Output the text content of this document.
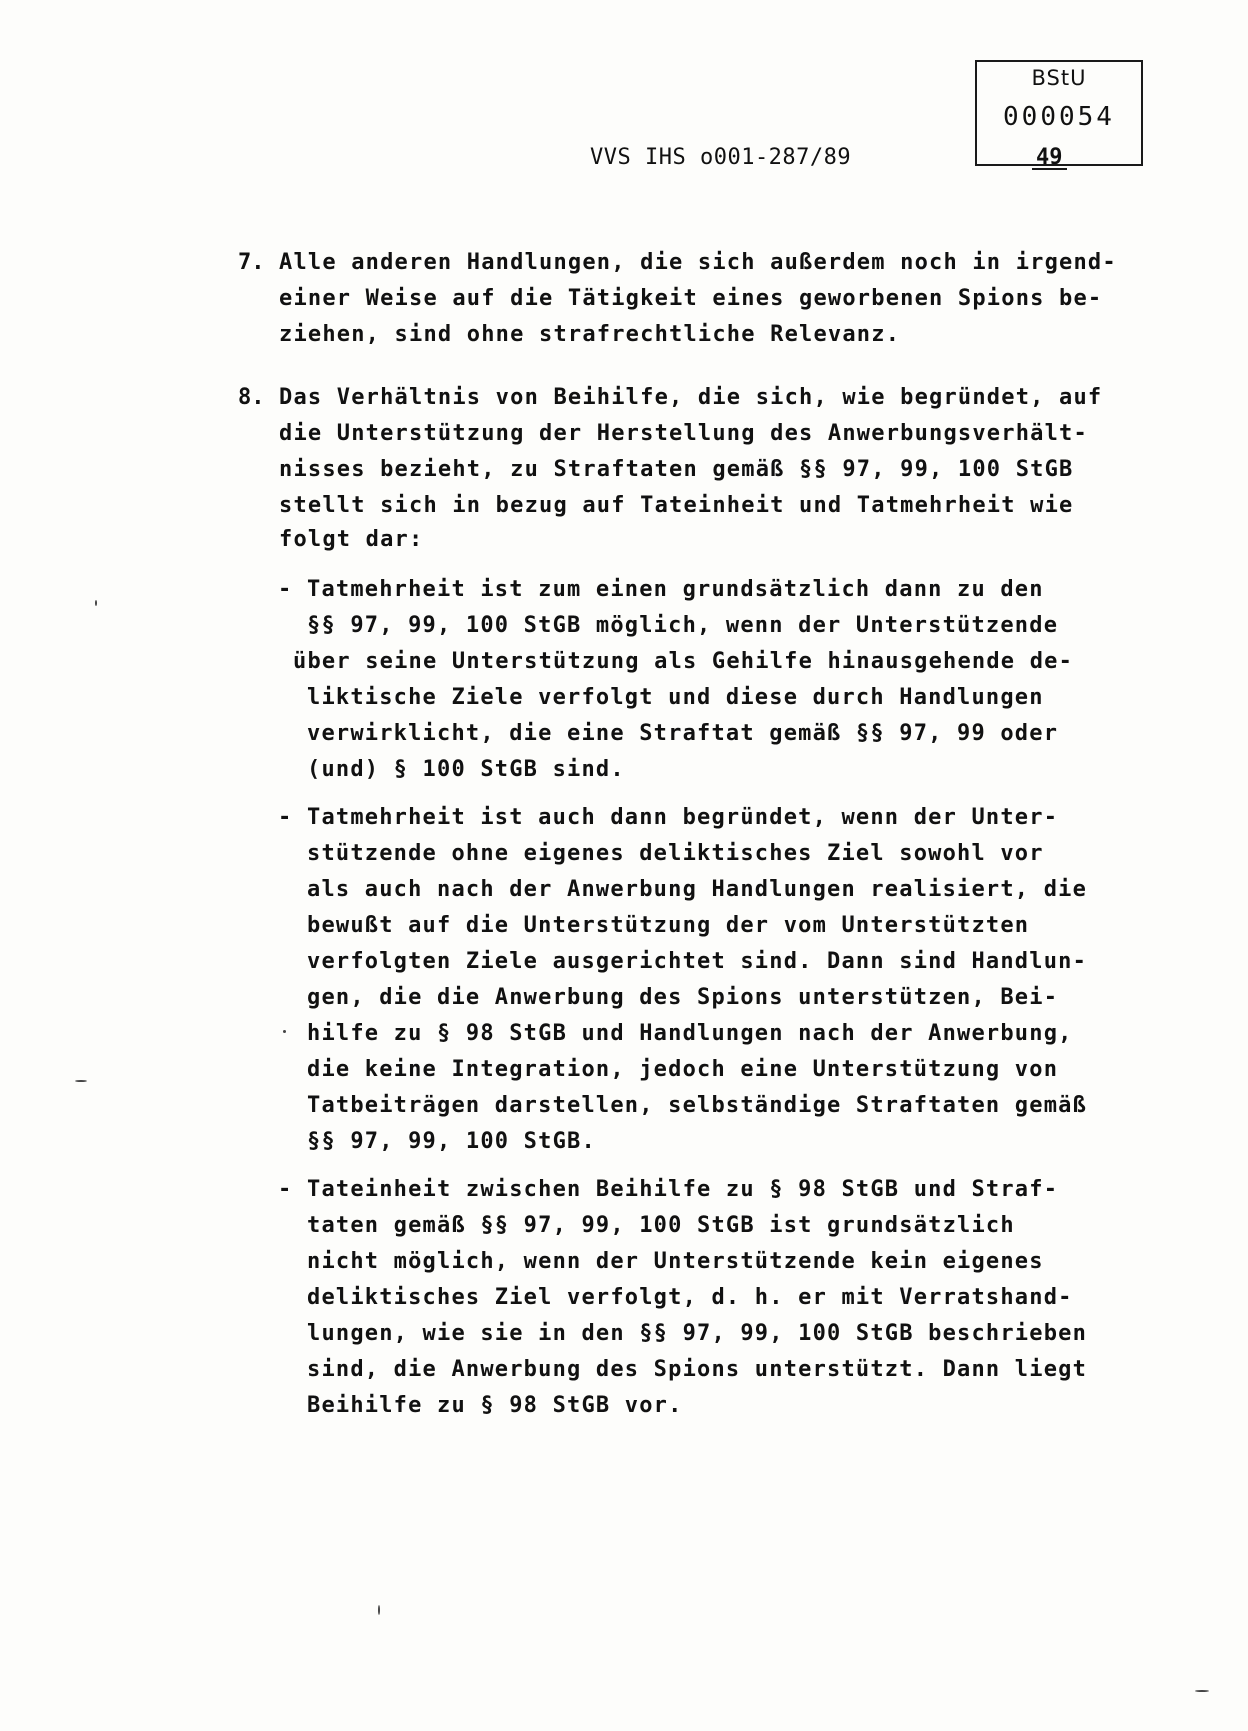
BStU
000054
49
VVS IHS o001-287/89
7. Alle anderen Handlungen, die sich außerdem noch in irgend-
einer Weise auf die Tätigkeit eines geworbenen Spions be-
ziehen, sind ohne strafrechtliche Relevanz.
8. Das Verhältnis von Beihilfe, die sich, wie begründet, auf
die Unterstützung der Herstellung des Anwerbungsverhält-
nisses bezieht, zu Straftaten gemäß §§ 97, 99, 100 StGB
stellt sich in bezug auf Tateinheit und Tatmehrheit wie
folgt dar:
- Tatmehrheit ist zum einen grundsätzlich dann zu den
§§ 97, 99, 100 StGB möglich, wenn der Unterstützende
über seine Unterstützung als Gehilfe hinausgehende de-
liktische Ziele verfolgt und diese durch Handlungen
verwirklicht, die eine Straftat gemäß §§ 97, 99 oder
(und) § 100 StGB sind.
- Tatmehrheit ist auch dann begründet, wenn der Unter-
stützende ohne eigenes deliktisches Ziel sowohl vor
als auch nach der Anwerbung Handlungen realisiert, die
bewußt auf die Unterstützung der vom Unterstützten
verfolgten Ziele ausgerichtet sind. Dann sind Handlun-
gen, die die Anwerbung des Spions unterstützen, Bei-
hilfe zu § 98 StGB und Handlungen nach der Anwerbung,
die keine Integration, jedoch eine Unterstützung von
Tatbeiträgen darstellen, selbständige Straftaten gemäß
§§ 97, 99, 100 StGB.
- Tateinheit zwischen Beihilfe zu § 98 StGB und Straf-
taten gemäß §§ 97, 99, 100 StGB ist grundsätzlich
nicht möglich, wenn der Unterstützende kein eigenes
deliktisches Ziel verfolgt, d. h. er mit Verratshand-
lungen, wie sie in den §§ 97, 99, 100 StGB beschrieben
sind, die Anwerbung des Spions unterstützt. Dann liegt
Beihilfe zu § 98 StGB vor.
